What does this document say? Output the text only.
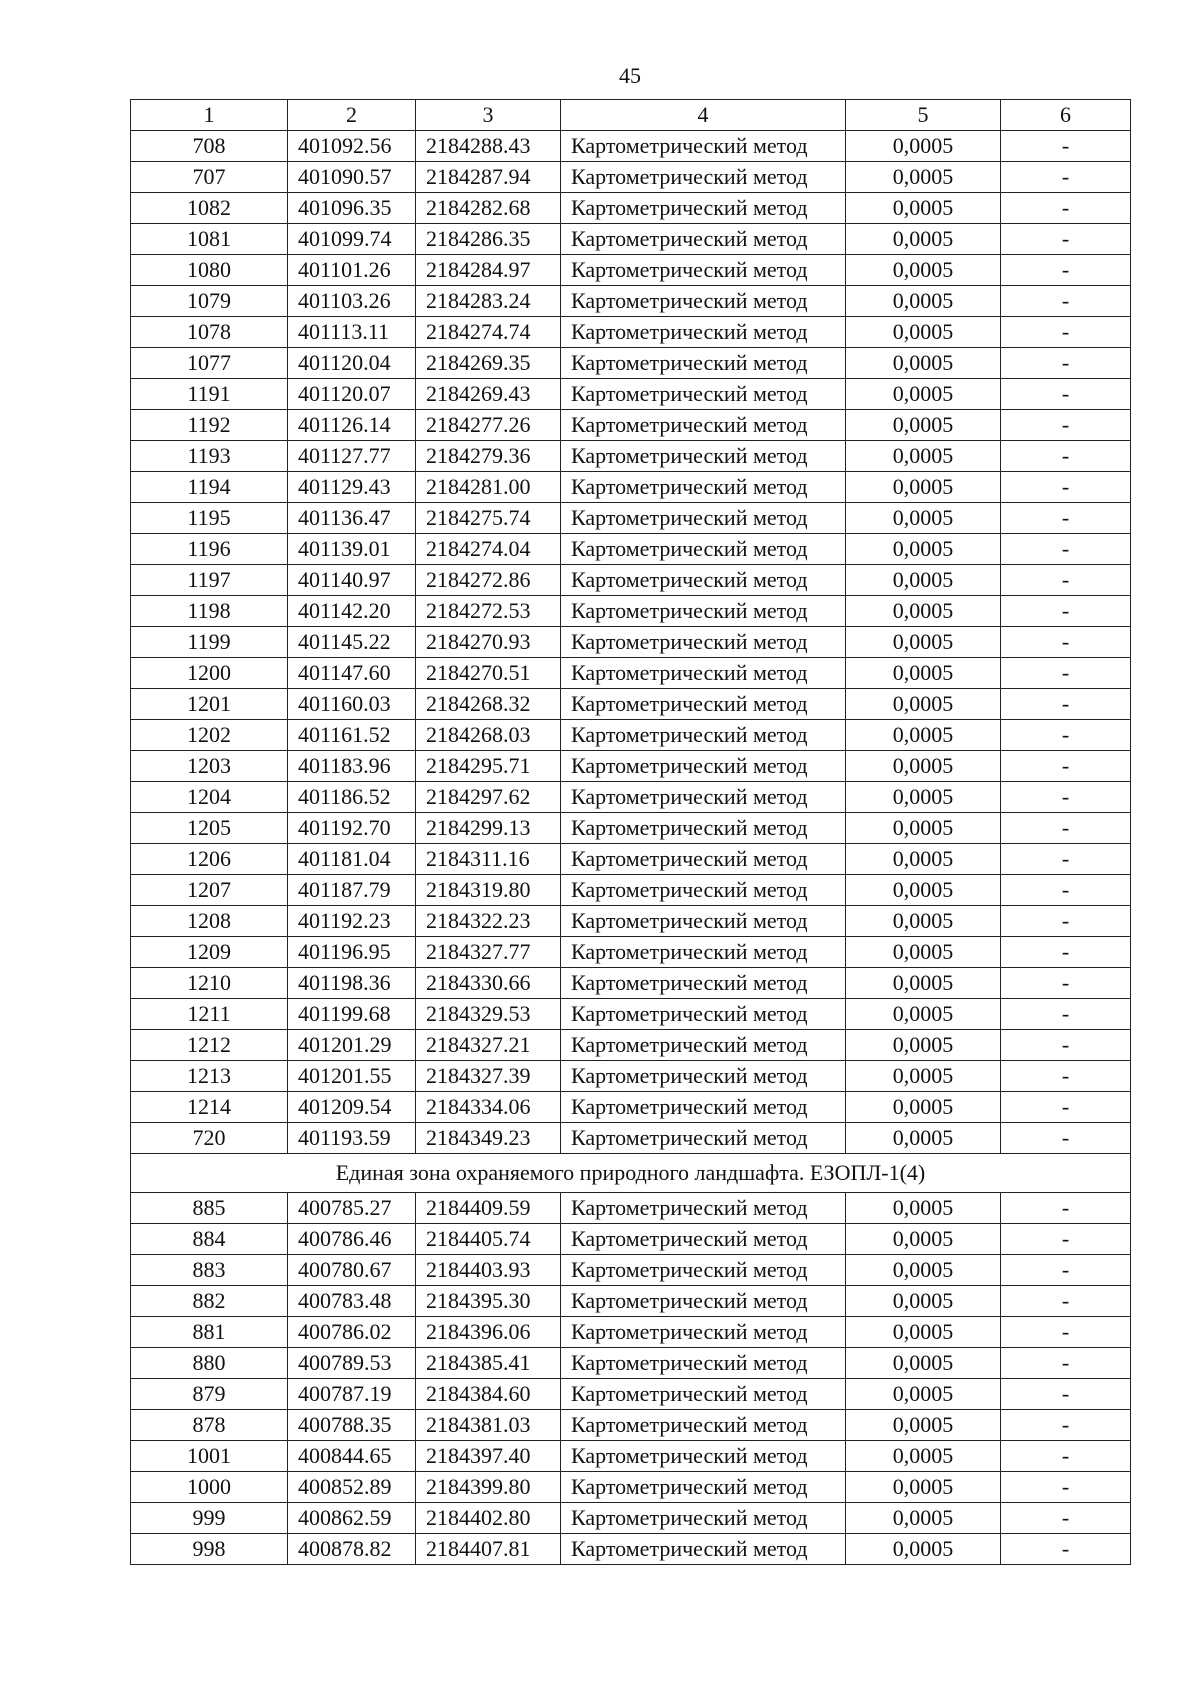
45
1	2	3	4	5	6
708	401092.56	2184288.43	Картометрический метод	0,0005	-
707	401090.57	2184287.94	Картометрический метод	0,0005	-
1082	401096.35	2184282.68	Картометрический метод	0,0005	-
1081	401099.74	2184286.35	Картометрический метод	0,0005	-
1080	401101.26	2184284.97	Картометрический метод	0,0005	-
1079	401103.26	2184283.24	Картометрический метод	0,0005	-
1078	401113.11	2184274.74	Картометрический метод	0,0005	-
1077	401120.04	2184269.35	Картометрический метод	0,0005	-
1191	401120.07	2184269.43	Картометрический метод	0,0005	-
1192	401126.14	2184277.26	Картометрический метод	0,0005	-
1193	401127.77	2184279.36	Картометрический метод	0,0005	-
1194	401129.43	2184281.00	Картометрический метод	0,0005	-
1195	401136.47	2184275.74	Картометрический метод	0,0005	-
1196	401139.01	2184274.04	Картометрический метод	0,0005	-
1197	401140.97	2184272.86	Картометрический метод	0,0005	-
1198	401142.20	2184272.53	Картометрический метод	0,0005	-
1199	401145.22	2184270.93	Картометрический метод	0,0005	-
1200	401147.60	2184270.51	Картометрический метод	0,0005	-
1201	401160.03	2184268.32	Картометрический метод	0,0005	-
1202	401161.52	2184268.03	Картометрический метод	0,0005	-
1203	401183.96	2184295.71	Картометрический метод	0,0005	-
1204	401186.52	2184297.62	Картометрический метод	0,0005	-
1205	401192.70	2184299.13	Картометрический метод	0,0005	-
1206	401181.04	2184311.16	Картометрический метод	0,0005	-
1207	401187.79	2184319.80	Картометрический метод	0,0005	-
1208	401192.23	2184322.23	Картометрический метод	0,0005	-
1209	401196.95	2184327.77	Картометрический метод	0,0005	-
1210	401198.36	2184330.66	Картометрический метод	0,0005	-
1211	401199.68	2184329.53	Картометрический метод	0,0005	-
1212	401201.29	2184327.21	Картометрический метод	0,0005	-
1213	401201.55	2184327.39	Картометрический метод	0,0005	-
1214	401209.54	2184334.06	Картометрический метод	0,0005	-
720	401193.59	2184349.23	Картометрический метод	0,0005	-
Единая зона охраняемого природного ландшафта. ЕЗОПЛ-1(4)					
885	400785.27	2184409.59	Картометрический метод	0,0005	-
884	400786.46	2184405.74	Картометрический метод	0,0005	-
883	400780.67	2184403.93	Картометрический метод	0,0005	-
882	400783.48	2184395.30	Картометрический метод	0,0005	-
881	400786.02	2184396.06	Картометрический метод	0,0005	-
880	400789.53	2184385.41	Картометрический метод	0,0005	-
879	400787.19	2184384.60	Картометрический метод	0,0005	-
878	400788.35	2184381.03	Картометрический метод	0,0005	-
1001	400844.65	2184397.40	Картометрический метод	0,0005	-
1000	400852.89	2184399.80	Картометрический метод	0,0005	-
999	400862.59	2184402.80	Картометрический метод	0,0005	-
998	400878.82	2184407.81	Картометрический метод	0,0005	-
